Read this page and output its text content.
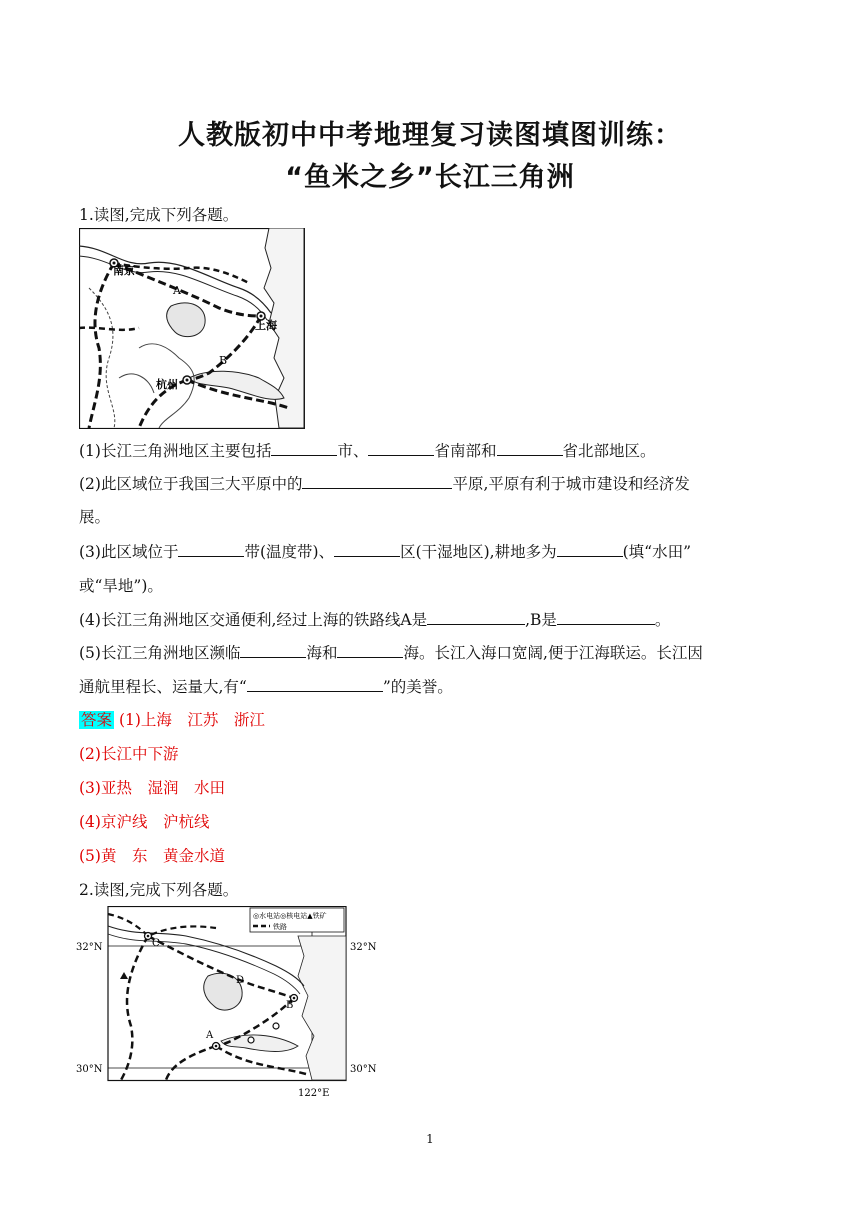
人教版初中中考地理复习读图填图训练：
“鱼米之乡”长江三角洲
1.读图,完成下列各题。
南京
上海
杭州
A
B
(1)长江三角洲地区主要包括	市、	省南部和	省北部地区。
(2)此区域位于我国三大平原中的	平原,平原有利于城市建设和经济发
展。
(3)此区域位于	带(温度带)、	区(干湿地区),耕地多为	(填“水田”
或“旱地”)。
(4)长江三角洲地区交通便利,经过上海的铁路线A是	,B是	。
(5)长江三角洲地区濒临	海和	海。长江入海口宽阔,便于江海联运。长江因
通航里程长、运量大,有“	”的美誉。
答案 (1)上海　江苏　浙江
(2)长江中下游
(3)亚热　湿润　水田
(4)京沪线　沪杭线
(5)黄　东　黄金水道
2.读图,完成下列各题。
◎水电站◎核电站▲铁矿
铁路
C
B
A
D
32°N	32°N
30°N	30°N
122°E
1
